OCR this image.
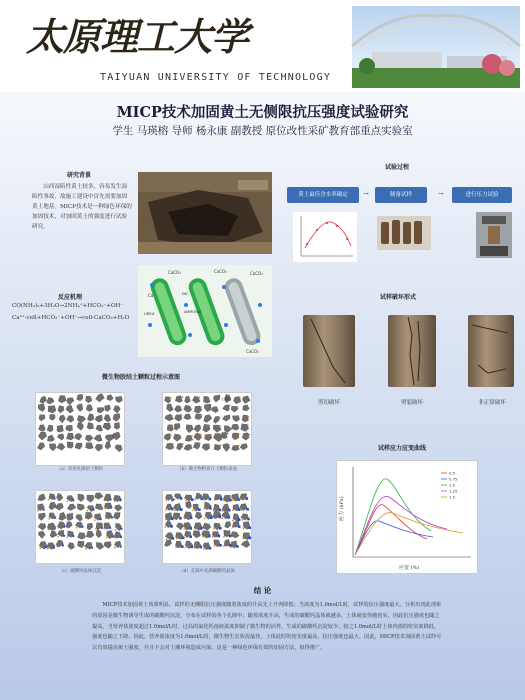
太原理工大学
TAIYUAN UNIVERSITY OF TECHNOLOGY
MICP技术加固黄土无侧限抗压强度试验研究
学生 马瑛榕 导师 杨永康 副教授 原位改性采矿教育部重点实验室
研究背景
山西湿陷性黄土较多，容易发生湿陷性事故，故施工建设中首先需要加固黄土地基。MICP技术是一种绿色环保的加固技术，对加固黄土的强度进行试验研究。
反应机理
CO(NH₂)₂+3H₂O→2NH₄⁺+HCO₃⁻+OH⁻
Ca²⁺-cell+HCO₃⁻+OH⁻→cell-CaCO₃+H₂O
CaCO₃
Ca	DIC
AMMONIA
UREA
CaCO₃	CaCO₃
CaCO₃
微生物胶结土颗粒过程示意图
（a）原始孔隙的土颗粒
土颗粒
（b）微生物附着在土颗粒表面
（c）碳酸钙晶体沉淀	（d）孔隙中充满碳酸钙晶体
试验过程
黄土最佳含水率确定	→	制备试样	→	进行压力试验
试样破坏形式
剪切破坏	劈裂破坏	非正常破坏
试样应力应变曲线
应变 (%)
应力 (kPa)
0.5
0.75
1.0
1.25
1.5
结 论
MICP技术加固黄土效果明显。试样的无侧限抗压强度随着浓度的升高先上升再降低；当浓度为1.0mol/L时，试样的抗压强度最大。分析出现此现象的原因是微生物诱导生成的碳酸钙沉淀，分布在试样的各个孔隙中；随着浓度升高，生成的碳酸钙晶体就越多，土体就变得越密实，因此抗压强度也随之提高。当营养盐浓度超过1.0mol/L时，过高的氯化钙溶液浓度抑制了微生物的活性，生成的碳酸钙沉淀较少。较之1.0mol/L时土体内部的密实度降低，强度也随之下降。因此，营养盐浓度为1.0mol/L时，微生物生长状况最佳，土体此时的密实度最高，抗压强度也最大。因此，MICP技术加固黄土试样可以有效提高黄土强度，并且不会对土壤环境造成污染，这是一种绿色环保有效的加固方法，值得推广。
